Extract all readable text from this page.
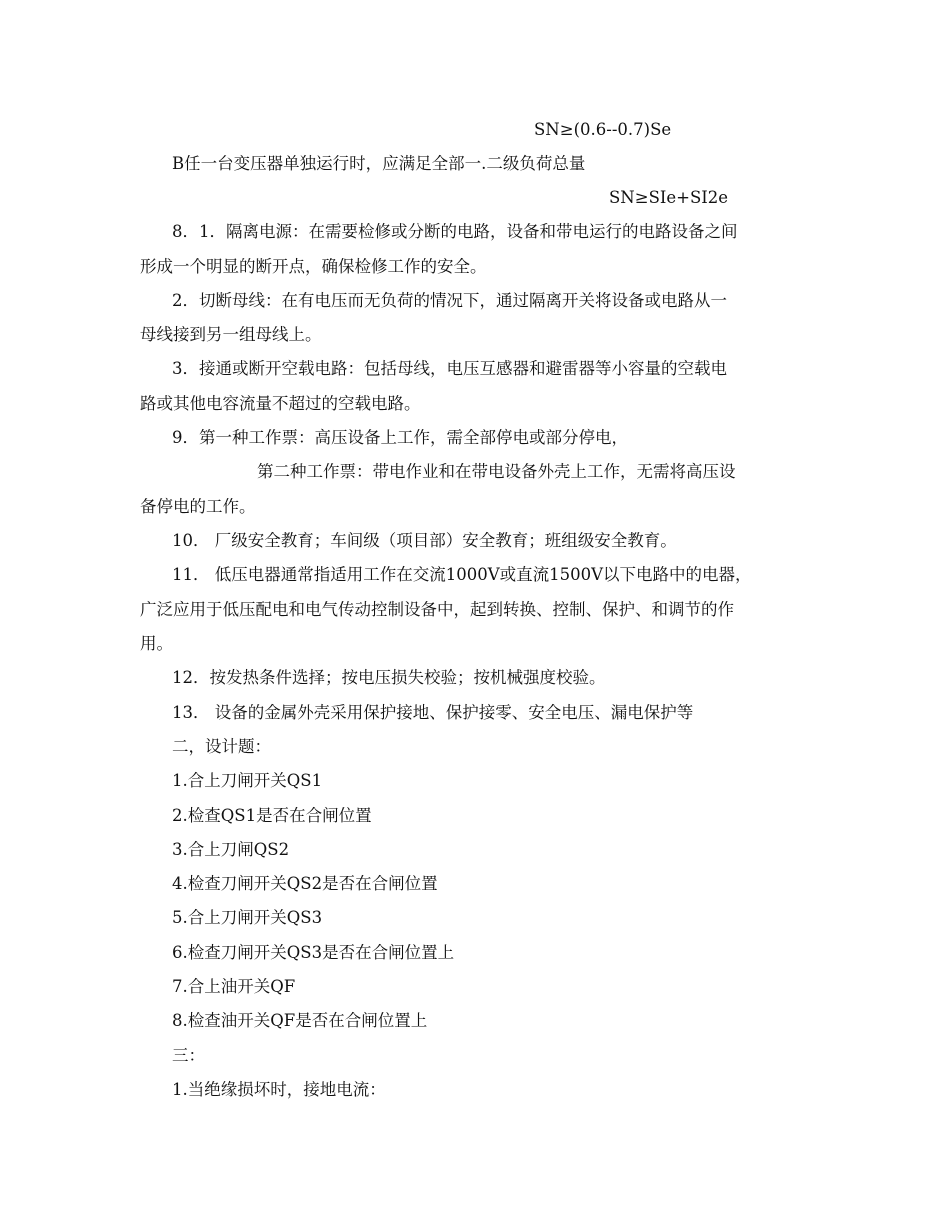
SN≥(0.6--0.7)Se
B任一台变压器单独运行时，应满足全部一.二级负荷总量
SN≥SIe+SI2e
8．1．隔离电源：在需要检修或分断的电路，设备和带电运行的电路设备之间
形成一个明显的断开点，确保检修工作的安全。
2．切断母线：在有电压而无负荷的情况下，通过隔离开关将设备或电路从一
母线接到另一组母线上。
3．接通或断开空载电路：包括母线，电压互感器和避雷器等小容量的空载电
路或其他电容流量不超过的空载电路。
9．第一种工作票：高压设备上工作，需全部停电或部分停电，
第二种工作票：带电作业和在带电设备外壳上工作，无需将高压设
备停电的工作。
10． 厂级安全教育；车间级（项目部）安全教育；班组级安全教育。
11． 低压电器通常指适用工作在交流1000V或直流1500V以下电路中的电器，
广泛应用于低压配电和电气传动控制设备中，起到转换、控制、保护、和调节的作
用。
12．按发热条件选择；按电压损失校验；按机械强度校验。
13． 设备的金属外壳采用保护接地、保护接零、安全电压、漏电保护等
二，设计题：
1.合上刀闸开关QS1
2.检查QS1是否在合闸位置
3.合上刀闸QS2
4.检查刀闸开关QS2是否在合闸位置
5.合上刀闸开关QS3
6.检查刀闸开关QS3是否在合闸位置上
7.合上油开关QF
8.检查油开关QF是否在合闸位置上
三：
1.当绝缘损坏时，接地电流：
